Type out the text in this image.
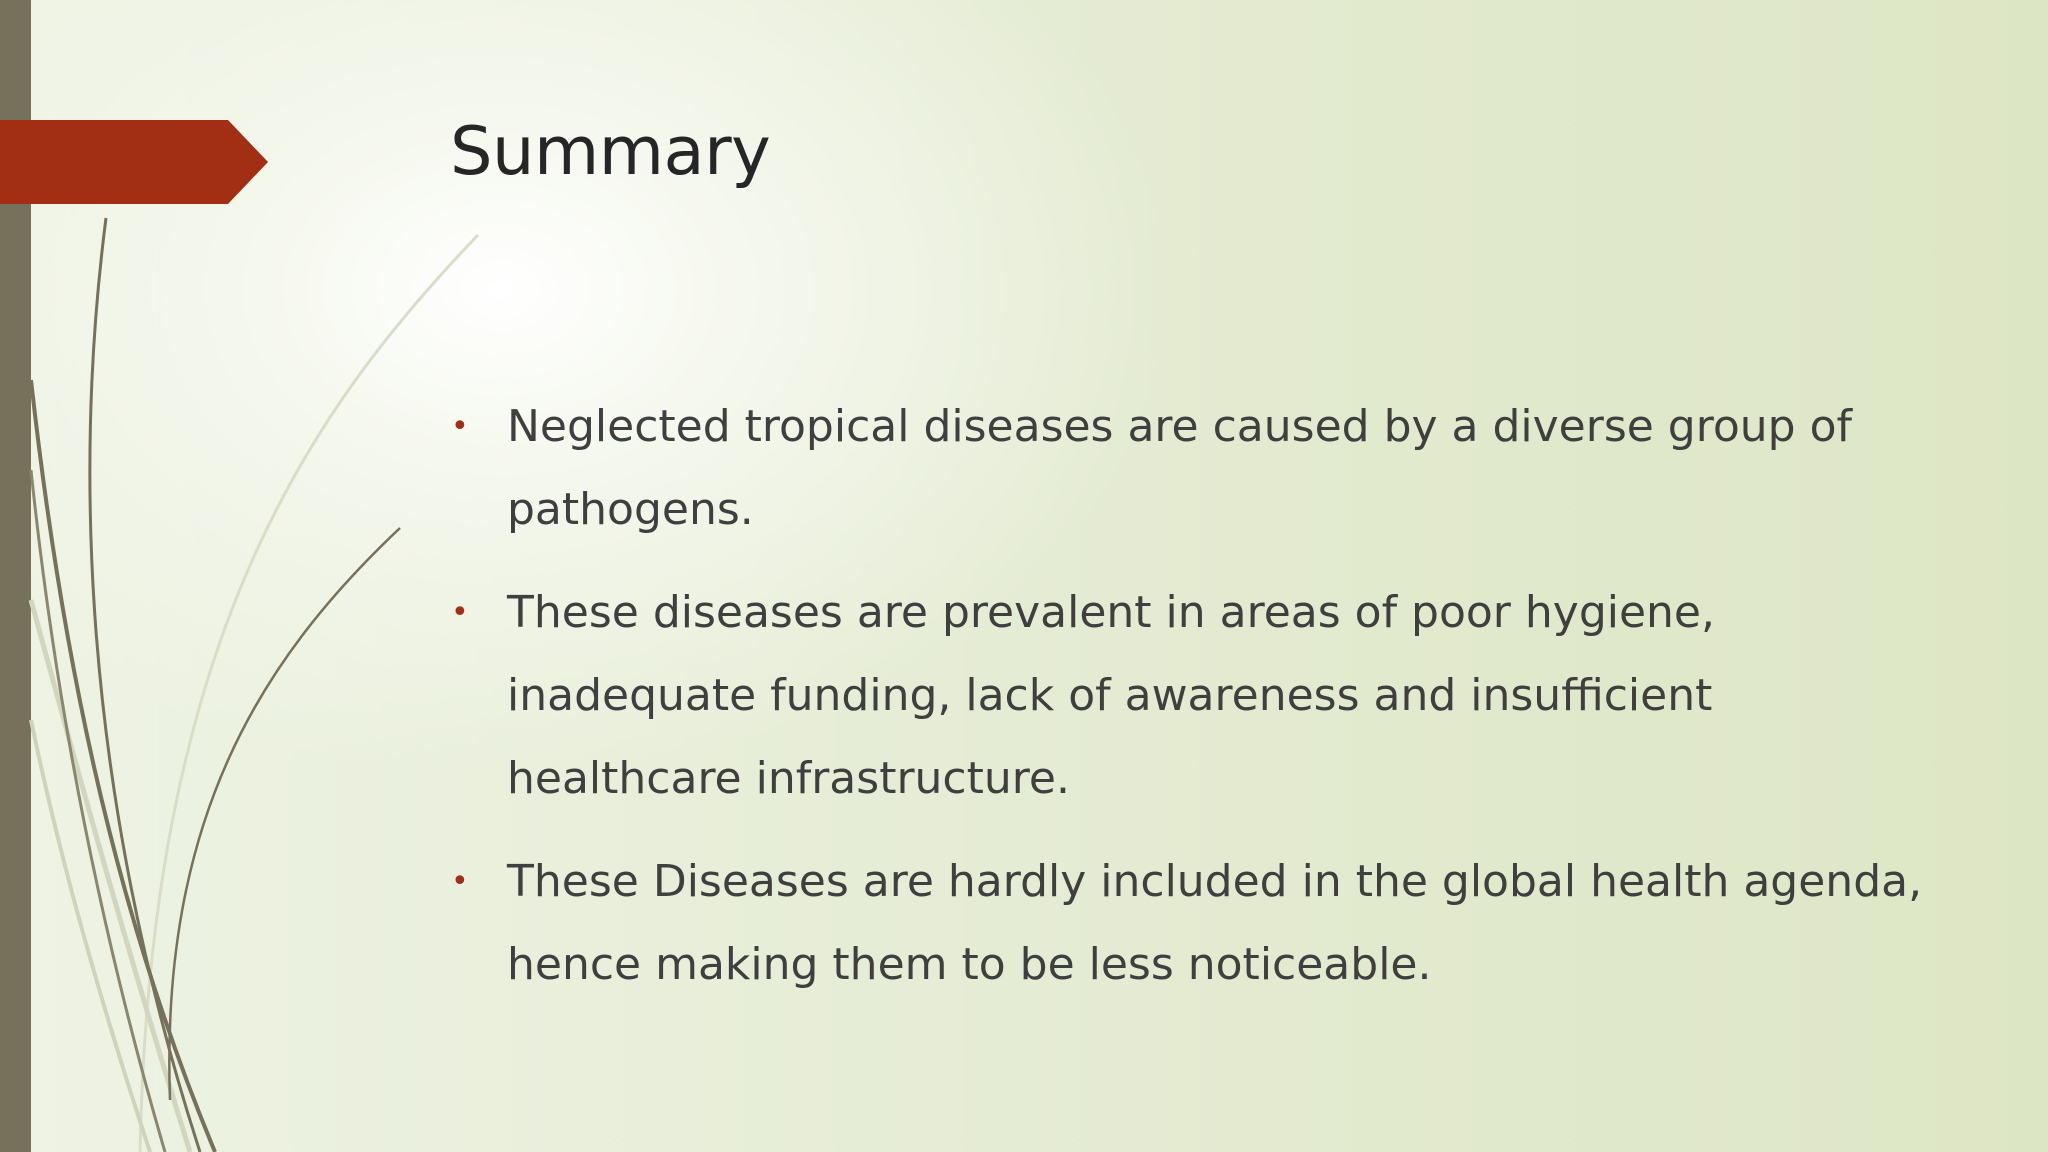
Summary
• Neglected tropical diseases are caused by a diverse group of pathogens.
• These diseases are prevalent in areas of poor hygiene, inadequate funding, lack of awareness and insufficient healthcare infrastructure.
• These Diseases are hardly included in the global health agenda, hence making them to be less noticeable.
